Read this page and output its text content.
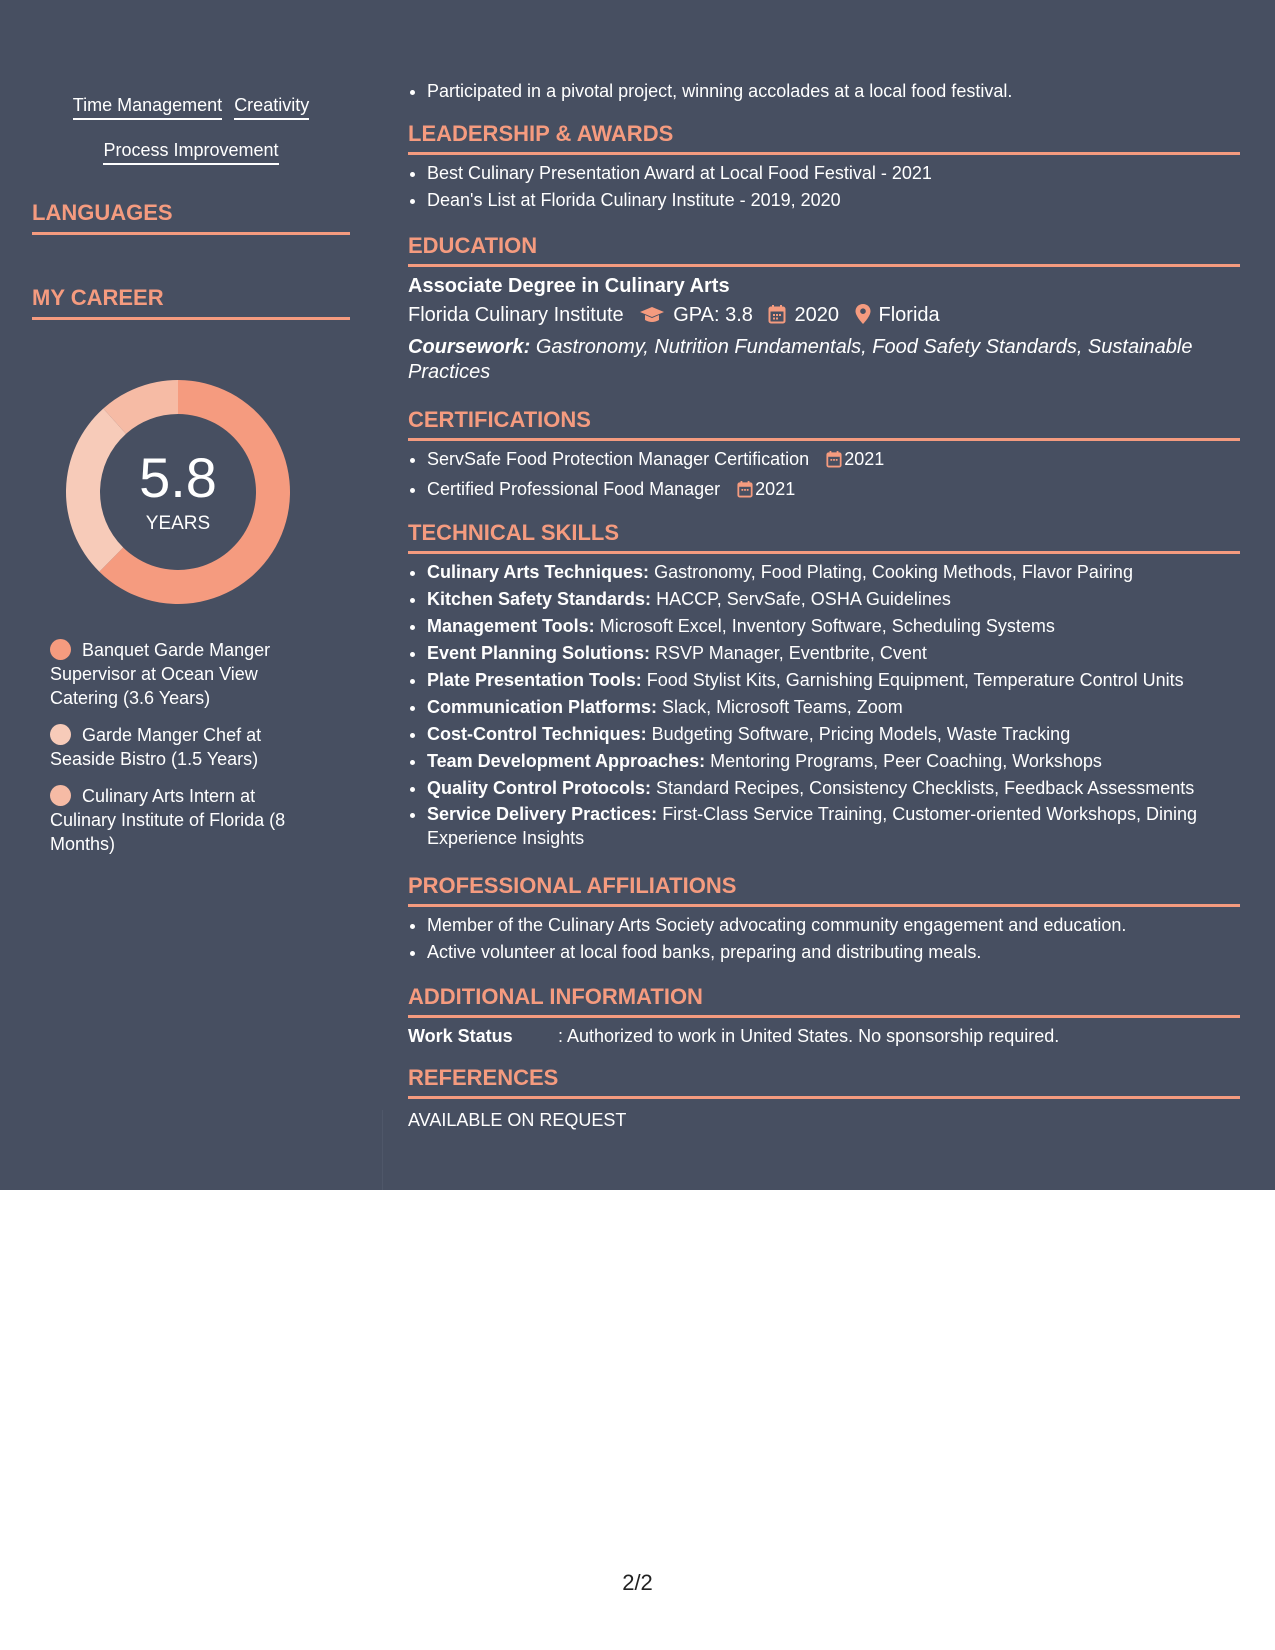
Time Management Creativity
Process Improvement
LANGUAGES
MY CAREER
5.8
YEARS
Banquet Garde Manger Supervisor at Ocean View Catering (3.6 Years)
Garde Manger Chef at Seaside Bistro (1.5 Years)
Culinary Arts Intern at Culinary Institute of Florida (8 Months)
• Participated in a pivotal project, winning accolades at a local food festival.
LEADERSHIP & AWARDS
• Best Culinary Presentation Award at Local Food Festival - 2021
• Dean's List at Florida Culinary Institute - 2019, 2020
EDUCATION
Associate Degree in Culinary Arts
Florida Culinary Institute GPA: 3.8 2020 Florida
Coursework: Gastronomy, Nutrition Fundamentals, Food Safety Standards, Sustainable Practices
CERTIFICATIONS
• ServSafe Food Protection Manager Certification 2021
• Certified Professional Food Manager 2021
TECHNICAL SKILLS
• Culinary Arts Techniques: Gastronomy, Food Plating, Cooking Methods, Flavor Pairing
• Kitchen Safety Standards: HACCP, ServSafe, OSHA Guidelines
• Management Tools: Microsoft Excel, Inventory Software, Scheduling Systems
• Event Planning Solutions: RSVP Manager, Eventbrite, Cvent
• Plate Presentation Tools: Food Stylist Kits, Garnishing Equipment, Temperature Control Units
• Communication Platforms: Slack, Microsoft Teams, Zoom
• Cost-Control Techniques: Budgeting Software, Pricing Models, Waste Tracking
• Team Development Approaches: Mentoring Programs, Peer Coaching, Workshops
• Quality Control Protocols: Standard Recipes, Consistency Checklists, Feedback Assessments
• Service Delivery Practices: First-Class Service Training, Customer-oriented Workshops, Dining Experience Insights
PROFESSIONAL AFFILIATIONS
• Member of the Culinary Arts Society advocating community engagement and education.
• Active volunteer at local food banks, preparing and distributing meals.
ADDITIONAL INFORMATION
Work Status	: Authorized to work in United States. No sponsorship required.
REFERENCES
AVAILABLE ON REQUEST
2/2
